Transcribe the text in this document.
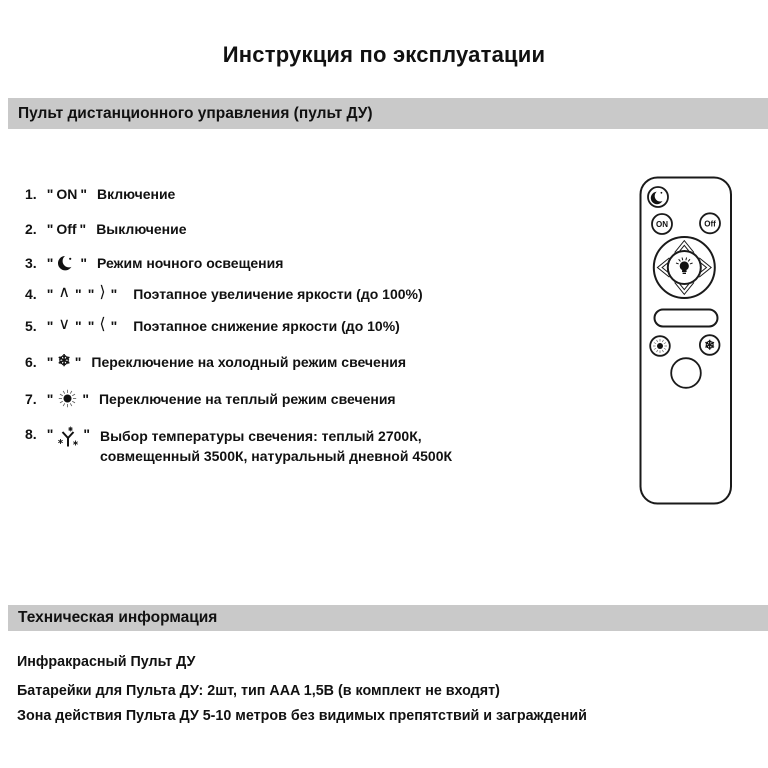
Инструкция по эксплуатации
Пульт дистанционного управления (пульт ДУ)
1. " ON " Включение
2. " Off " Выключение
3. " " Режим ночного освещения
4. " ∧ " " ⟩ " Поэтапное увеличение яркости (до 100%)
5. " ∨ " " ⟨ " Поэтапное снижение яркости (до 10%)
6. " ❄ " Переключение на холодный режим свечения
7. " " Переключение на теплый режим свечения
8. " " Выбор температуры свечения: теплый 2700К,
совмещенный 3500К, натуральный дневной 4500К
ON	Off
❄
Техническая информация
Инфракрасный Пульт ДУ
Батарейки для Пульта ДУ: 2шт, тип AAA 1,5В (в комплект не входят)
Зона действия Пульта ДУ 5-10 метров без видимых препятствий и заграждений
